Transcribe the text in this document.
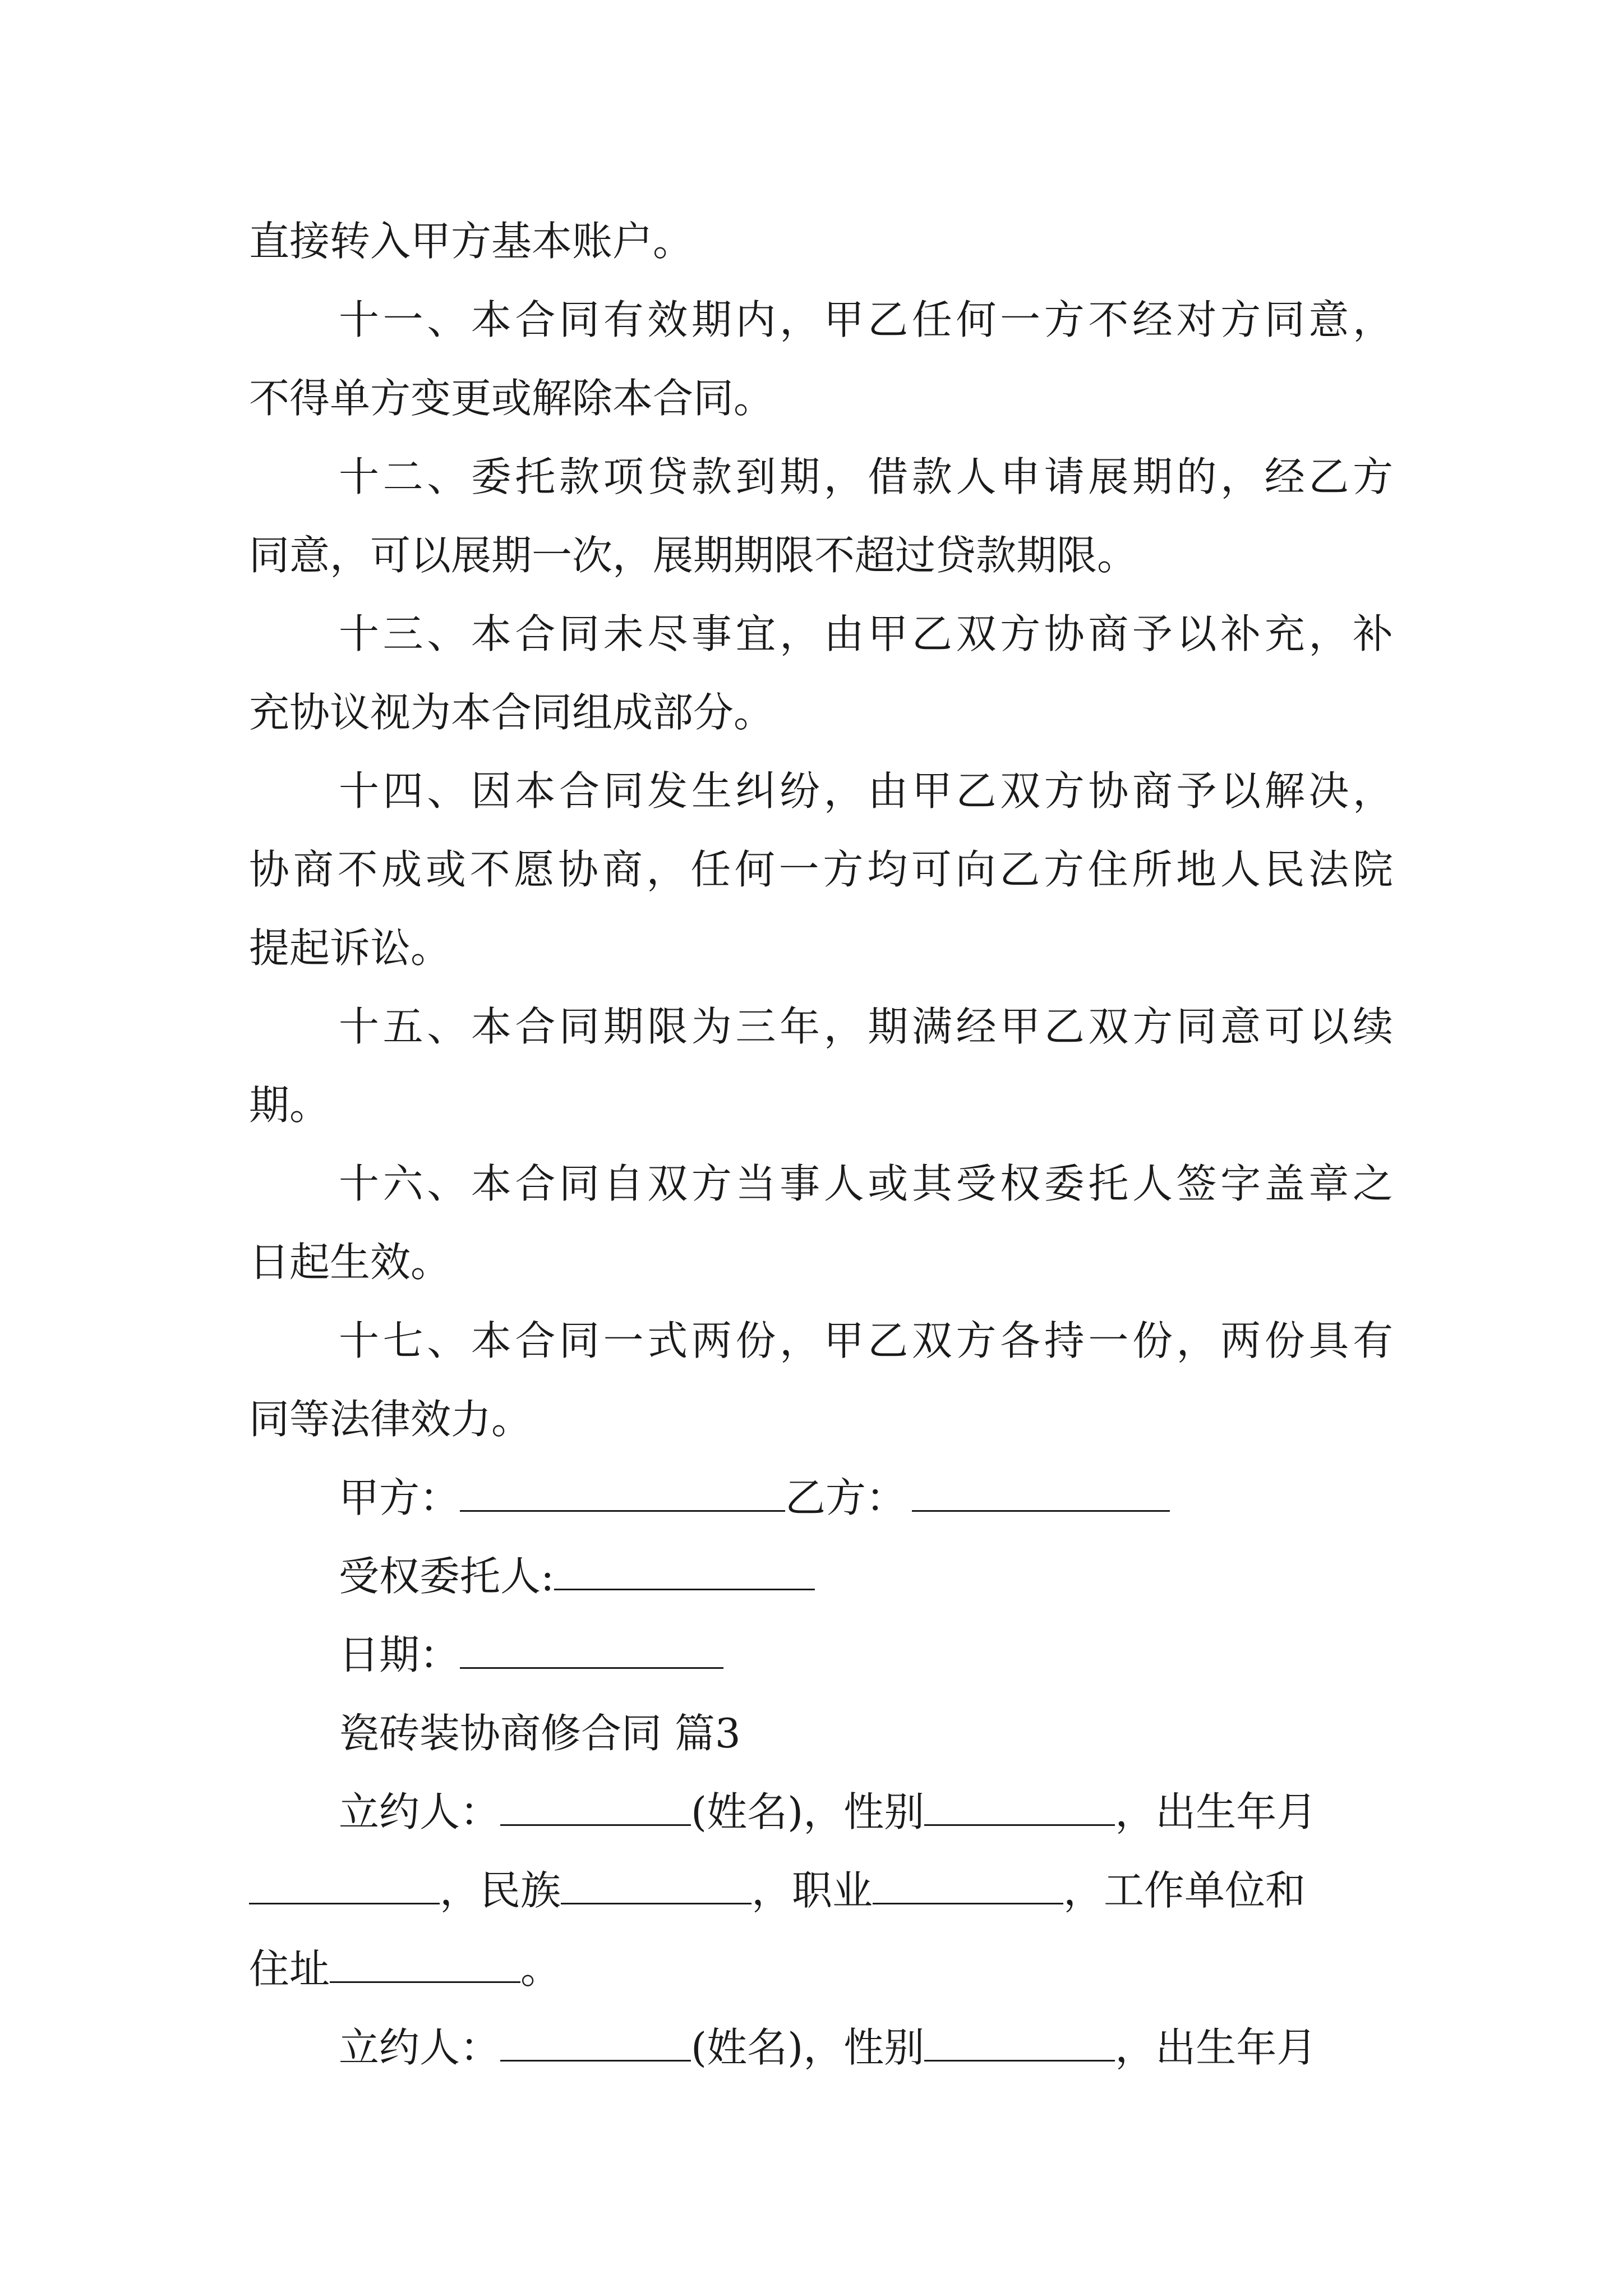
直接转入甲方基本账户。
十一、本合同有效期内，甲乙任何一方不经对方同意，
不得单方变更或解除本合同。
十二、委托款项贷款到期，借款人申请展期的，经乙方
同意，可以展期一次，展期期限不超过贷款期限。
十三、本合同未尽事宜，由甲乙双方协商予以补充，补
充协议视为本合同组成部分。
十四、因本合同发生纠纷，由甲乙双方协商予以解决，
协商不成或不愿协商，任何一方均可向乙方住所地人民法院
提起诉讼。
十五、本合同期限为三年，期满经甲乙双方同意可以续
期。
十六、本合同自双方当事人或其受权委托人签字盖章之
日起生效。
十七、本合同一式两份，甲乙双方各持一份，两份具有
同等法律效力。
甲方：	乙方：
受权委托人:
日期：
瓷砖装协商修合同 篇3
立约人：	(姓名)，性别	，出生年月
，民族	，职业	，工作单位和
住址	。
立约人：	(姓名)，性别	，出生年月
